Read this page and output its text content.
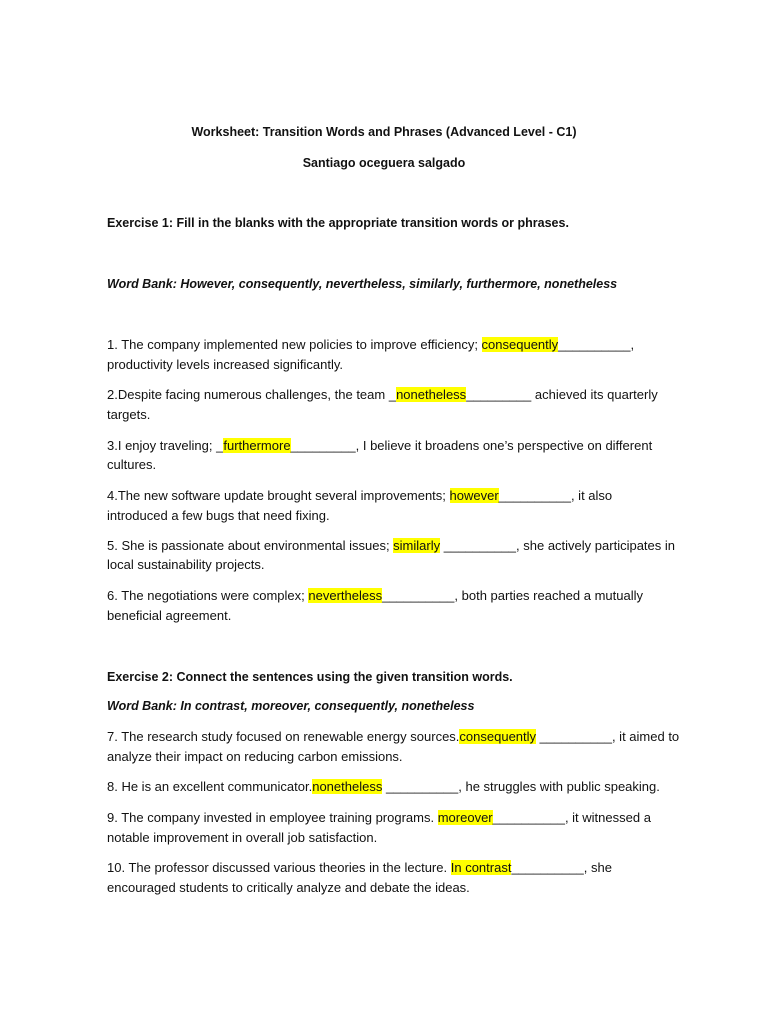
Worksheet: Transition Words and Phrases (Advanced Level - C1)
Santiago oceguera salgado
Exercise 1: Fill in the blanks with the appropriate transition words or phrases.
Word Bank: However, consequently, nevertheless, similarly, furthermore, nonetheless
1. The company implemented new policies to improve efficiency; consequently__________,
productivity levels increased significantly.
2.Despite facing numerous challenges, the team _nonetheless_________ achieved its quarterly
targets.
3.I enjoy traveling; _furthermore_________, I believe it broadens one’s perspective on different
cultures.
4.The new software update brought several improvements; however__________, it also
introduced a few bugs that need fixing.
5. She is passionate about environmental issues; similarly __________, she actively participates in
local sustainability projects.
6. The negotiations were complex; nevertheless__________, both parties reached a mutually
beneficial agreement.
Exercise 2: Connect the sentences using the given transition words.
Word Bank: In contrast, moreover, consequently, nonetheless
7. The research study focused on renewable energy sources.consequently __________, it aimed to
analyze their impact on reducing carbon emissions.
8. He is an excellent communicator.nonetheless __________, he struggles with public speaking.
9. The company invested in employee training programs. moreover__________, it witnessed a
notable improvement in overall job satisfaction.
10. The professor discussed various theories in the lecture. In contrast__________, she
encouraged students to critically analyze and debate the ideas.
